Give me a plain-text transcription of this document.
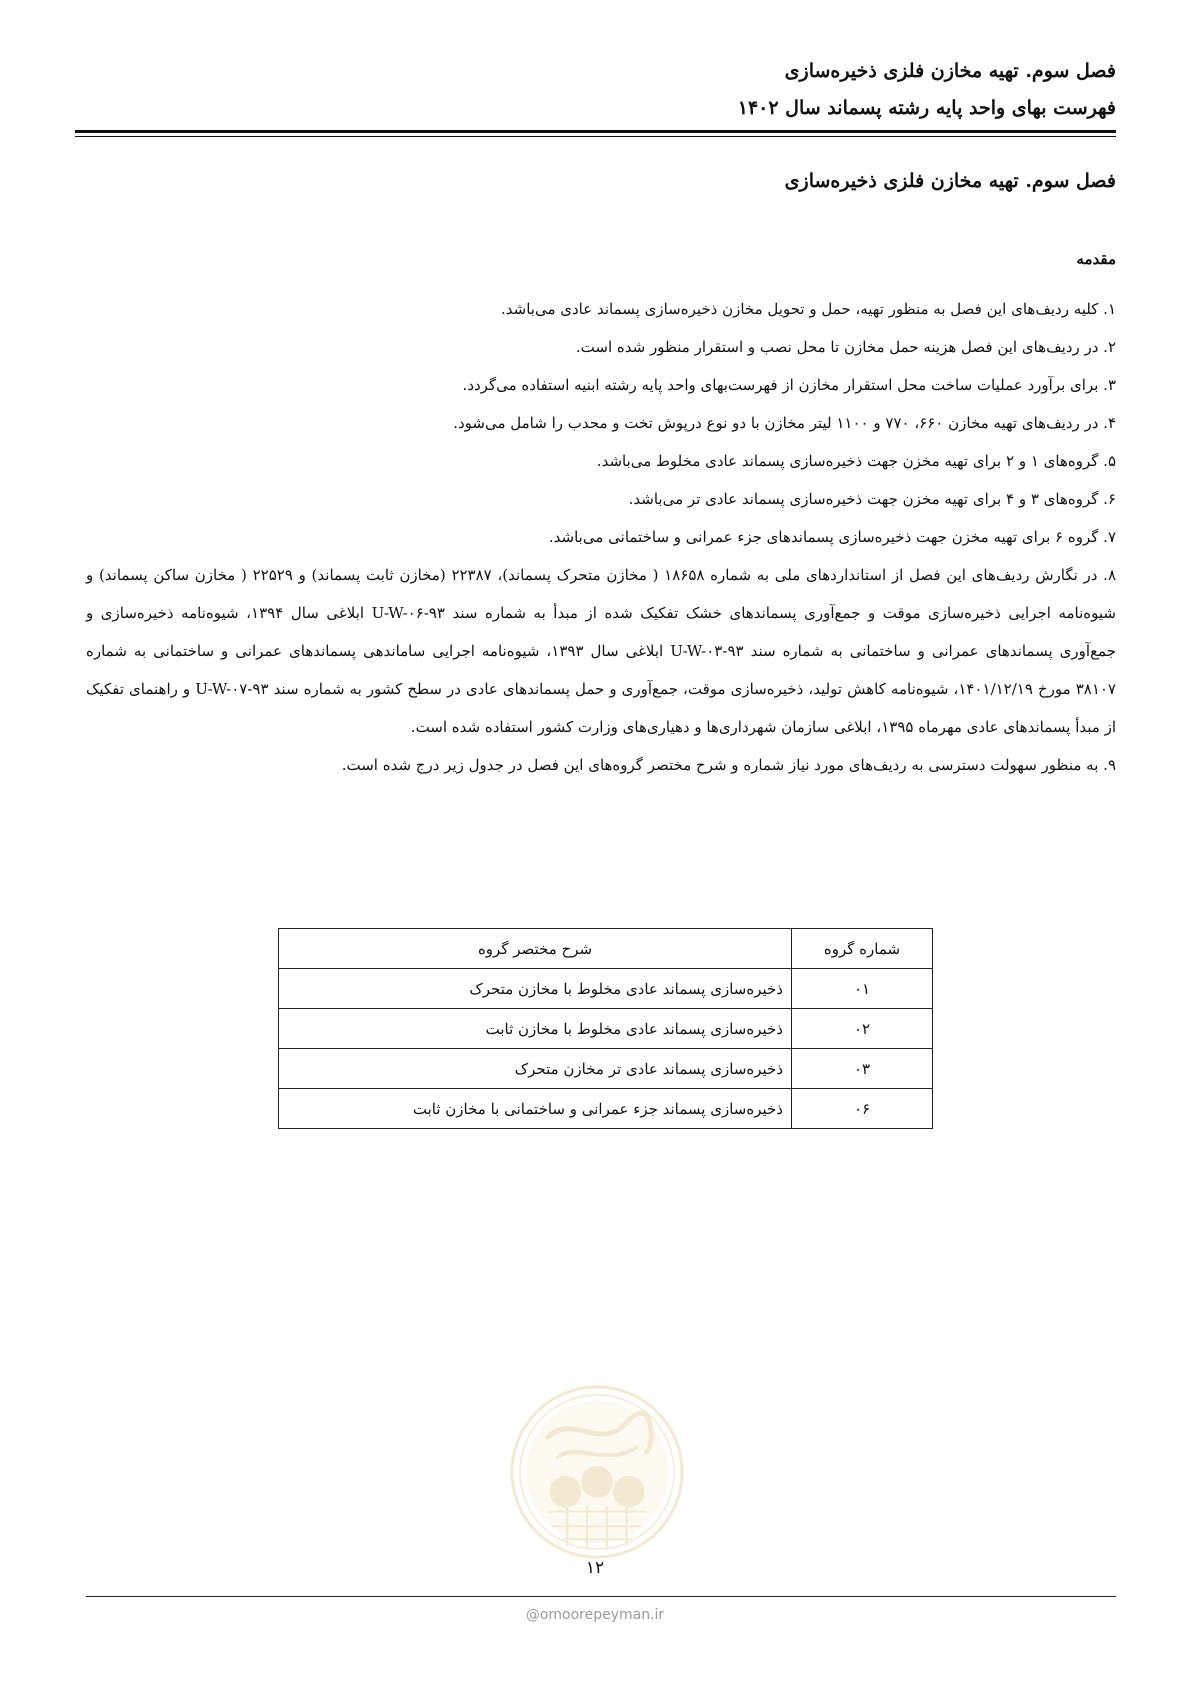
فصل سوم. تهیه مخازن فلزی ذخیره‌سازی
فهرست بهای واحد پایه رشته پسماند سال ۱۴۰۲
فصل سوم. تهیه مخازن فلزی ذخیره‌سازی
مقدمه

۱. کلیه ردیف‌های این فصل به منظور تهیه، حمل و تحویل مخازن ذخیره‌سازی پسماند عادی می‌باشد.

۲. در ردیف‌های این فصل هزینه حمل مخازن تا محل نصب و استقرار منظور شده است.

۳. برای برآورد عملیات ساخت محل استقرار مخازن از فهرست‌بهای واحد پایه رشته ابنیه استفاده می‌گردد.

۴. در ردیف‌های تهیه مخازن ۶۶۰، ۷۷۰ و ۱۱۰۰ لیتر مخازن با دو نوع درپوش تخت و محدب را شامل می‌شود.

۵. گروه‌های ۱ و ۲ برای تهیه مخزن جهت ذخیره‌سازی پسماند عادی مخلوط می‌باشد.

۶. گروه‌های ۳ و ۴ برای تهیه مخزن جهت ذخیره‌سازی پسماند عادی تر می‌باشد.

۷. گروه ۶ برای تهیه مخزن جهت ذخیره‌سازی پسماندهای جزء عمرانی و ساختمانی می‌باشد.

۸. در نگارش ردیف‌های این فصل از استانداردهای ملی به شماره ۱۸۶۵۸ ( مخازن متحرک پسماند)، ۲۲۳۸۷ (مخازن ثابت پسماند) و ۲۲۵۲۹ ( مخازن ساکن پسماند) و شیوه‌نامه اجرایی ذخیره‌سازی موقت و جمع‌آوری پسماندهای خشک تفکیک شده از مبدأ به شماره سند ۹۳-U-W-۰۶ ابلاغی سال ۱۳۹۴، شیوه‌نامه ذخیره‌سازی و جمع‌آوری پسماندهای عمرانی و ساختمانی به شماره سند ۹۳-U-W-۰۳ ابلاغی سال ۱۳۹۳، شیوه‌نامه اجرایی ساماندهی پسماندهای عمرانی و ساختمانی به شماره ۳۸۱۰۷ مورخ ۱۴۰۱/۱۲/۱۹، شیوه‌نامه کاهش تولید، ذخیره‌سازی موقت، جمع‌آوری و حمل پسماندهای عادی در سطح کشور به شماره سند ۹۳-U-W-۰۷ و راهنمای تفکیک از مبدأ پسماندهای عادی مهرماه ۱۳۹۵، ابلاغی سازمان شهرداری‌ها و دهیاری‌های وزارت کشور استفاده شده است.

۹. به منظور سهولت دسترسی به ردیف‌های مورد نیاز شماره و شرح مختصر گروه‌های این فصل در جدول زیر درج شده است.

شماره گروه	شرح مختصر گروه
۰۱	ذخیره‌سازی پسماند عادی مخلوط با مخازن متحرک
۰۲	ذخیره‌سازی پسماند عادی مخلوط با مخازن ثابت
۰۳	ذخیره‌سازی پسماند عادی تر مخازن متحرک
۰۶	ذخیره‌سازی پسماند جزء عمرانی و ساختمانی با مخازن ثابت
۱۲
@omoorepeyman.ir
